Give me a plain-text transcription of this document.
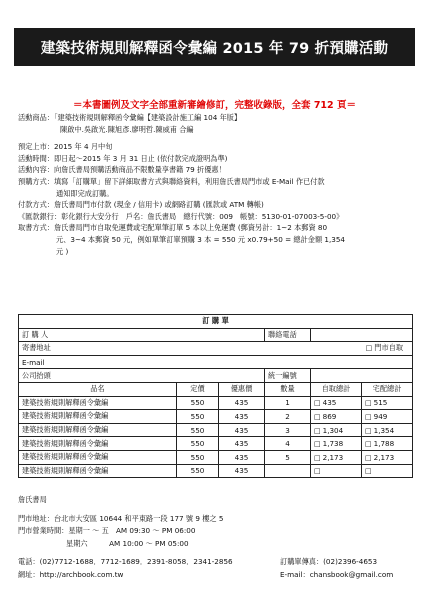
建築技術規則解釋函令彙編 2015 年 79 折預購活動
＝本書圖例及文字全部重新審繪修訂，完整收錄版，全套 712 頁＝
活動商品：「建築技術規則解釋函令彙編【建築設計施工編 104 年版】
陳啟中.吳啟光.陳旭彥.廖明哲.陳威甫 合編
預定上市：2015 年 4 月中旬
活動時間：即日起～2015 年 3 月 31 日止 (依付款完成證明為準)
活動內容：向詹氏書局預購活動商品不限數量享書籍 79 折優惠！
預購方式：填寫「訂購單」留下詳細取書方式與聯絡資料，利用詹氏書局門市或 E-Mail 作已付款
通知即完成訂購。
付款方式：詹氏書局門市付款 (現金 / 信用卡) 或網路訂購 (匯款或 ATM 轉帳)
《匯款銀行：彰化銀行大安分行　戶名：詹氏書局　總行代號：009　帳號：5130-01-07003-5-00》
取書方式：詹氏書局門市自取免運費或宅配單筆訂單 5 本以上免運費 (郵資另計：1~2 本郵資 80
元、3~4 本郵資 50 元，例如單筆訂單預購 3 本 = 550 元 x0.79+50 = 總計金額 1,354
元 )
訂 購 單					
訂 購 人			聯絡電話		
寄書地址 □ 門市自取					

E-mail					
公司抬頭			統一編號		
品名	定價	優惠價	數量	自取總計	宅配總計
建築技術規則解釋函令彙編	550	435	1	□ 435	□ 515
建築技術規則解釋函令彙編	550	435	2	□ 869	□ 949
建築技術規則解釋函令彙編	550	435	3	□ 1,304	□ 1,354
建築技術規則解釋函令彙編	550	435	4	□ 1,738	□ 1,788
建築技術規則解釋函令彙編	550	435	5	□ 2,173	□ 2,173
建築技術規則解釋函令彙編	550	435		□	□
詹氏書局
門市地址：台北市大安區 10644 和平東路一段 177 號 9 樓之 5
門市營業時間：星期一 ～ 五　AM 09:30 ～ PM 06:00
星期六　　　AM 10:00 ～ PM 05:00
電話：(02)7712-1688．7712-1689．2391-8058．2341-2856	訂購單傳真：(02)2396-4653
網址：http://archbook.com.tw	E-mail：chansbook@gmail.com
